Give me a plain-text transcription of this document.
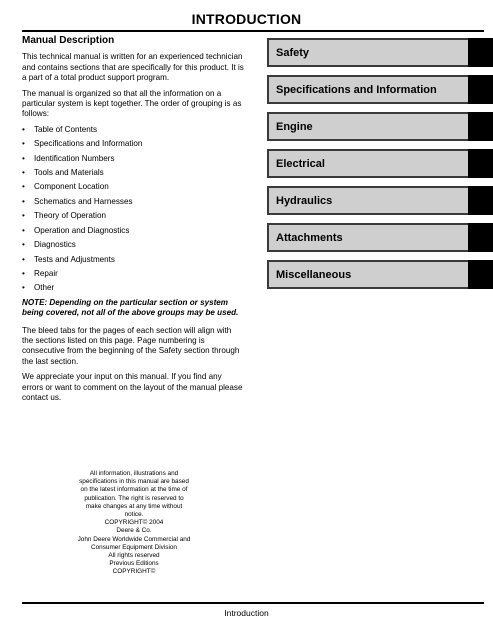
INTRODUCTION
Manual Description

This technical manual is written for an experienced technician and contains sections that are specifically for this product. It is a part of a total product support program.

The manual is organized so that all the information on a particular system is kept together. The order of grouping is as follows:

• Table of Contents
• Specifications and Information
• Identification Numbers
• Tools and Materials
• Component Location
• Schematics and Harnesses
• Theory of Operation
• Operation and Diagnostics
• Diagnostics
• Tests and Adjustments
• Repair
• Other

NOTE: Depending on the particular section or system being covered, not all of the above groups may be used.

The bleed tabs for the pages of each section will align with the sections listed on this page. Page numbering is consecutive from the beginning of the Safety section through the last section.

We appreciate your input on this manual. If you find any errors or want to comment on the layout of the manual please contact us.

All information, illustrations and
specifications in this manual are based
on the latest information at the time of
publication. The right is reserved to
make changes at any time without
notice.
COPYRIGHT© 2004
Deere & Co.
John Deere Worldwide Commercial and
Consumer Equipment Division
All rights reserved
Previous Editions
COPYRIGHT©
Safety
Specifications and Information
Engine
Electrical
Hydraulics
Attachments
Miscellaneous
Introduction
